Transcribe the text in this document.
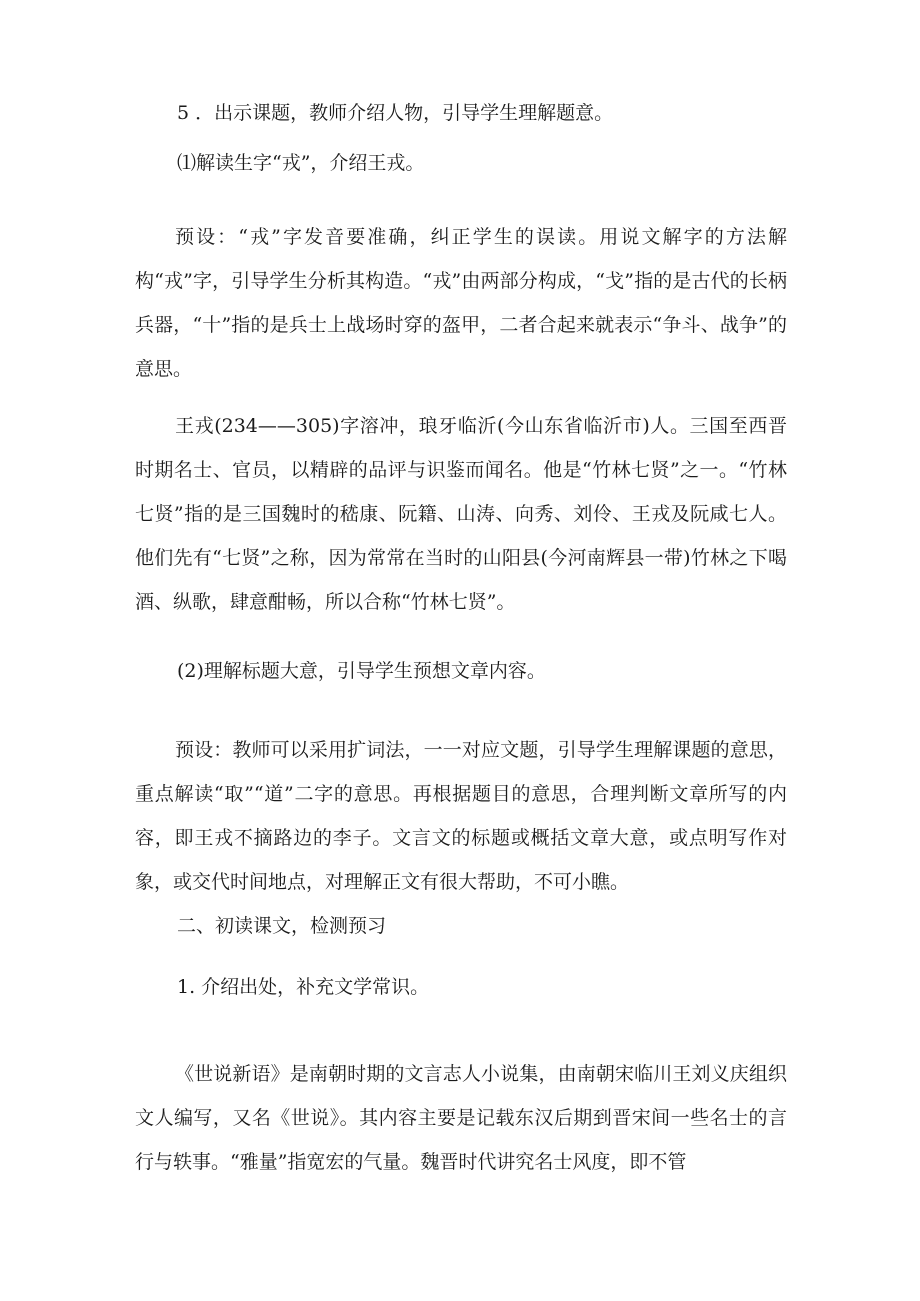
5 ．出示课题，教师介绍人物，引导学生理解题意。
⑴解读生字“戎”，介绍王戎。

预设：“戎”字发音要准确，纠正学生的误读。用说文解字的方法解构“戎”字，引导学生分析其构造。“戎”由两部分构成，“戈”指的是古代的长柄兵器，“十”指的是兵士上战场时穿的盔甲，二者合起来就表示“争斗、战争”的意思。

王戎(234——305)字溶冲，琅牙临沂(今山东省临沂市)人。三国至西晋时期名士、官员，以精辟的品评与识鉴而闻名。他是“竹林七贤”之一。“竹林七贤”指的是三国魏时的嵇康、阮籍、山涛、向秀、刘伶、王戎及阮咸七人。他们先有“七贤”之称，因为常常在当时的山阳县(今河南辉县一带)竹林之下喝酒、纵歌，肆意酣畅，所以合称“竹林七贤”。

(2)理解标题大意，引导学生预想文章内容。

预设：教师可以采用扩词法，一一对应文题，引导学生理解课题的意思，重点解读“取”“道”二字的意思。再根据题目的意思，合理判断文章所写的内容，即王戎不摘路边的李子。文言文的标题或概括文章大意，或点明写作对象，或交代时间地点，对理解正文有很大帮助，不可小瞧。

二、初读课文，检测预习
1. 介绍出处，补充文学常识。

《世说新语》是南朝时期的文言志人小说集，由南朝宋临川王刘义庆组织文人编写，又名《世说》。其内容主要是记载东汉后期到晋宋间一些名士的言行与轶事。“雅量”指宽宏的气量。魏晋时代讲究名士风度，即不管
